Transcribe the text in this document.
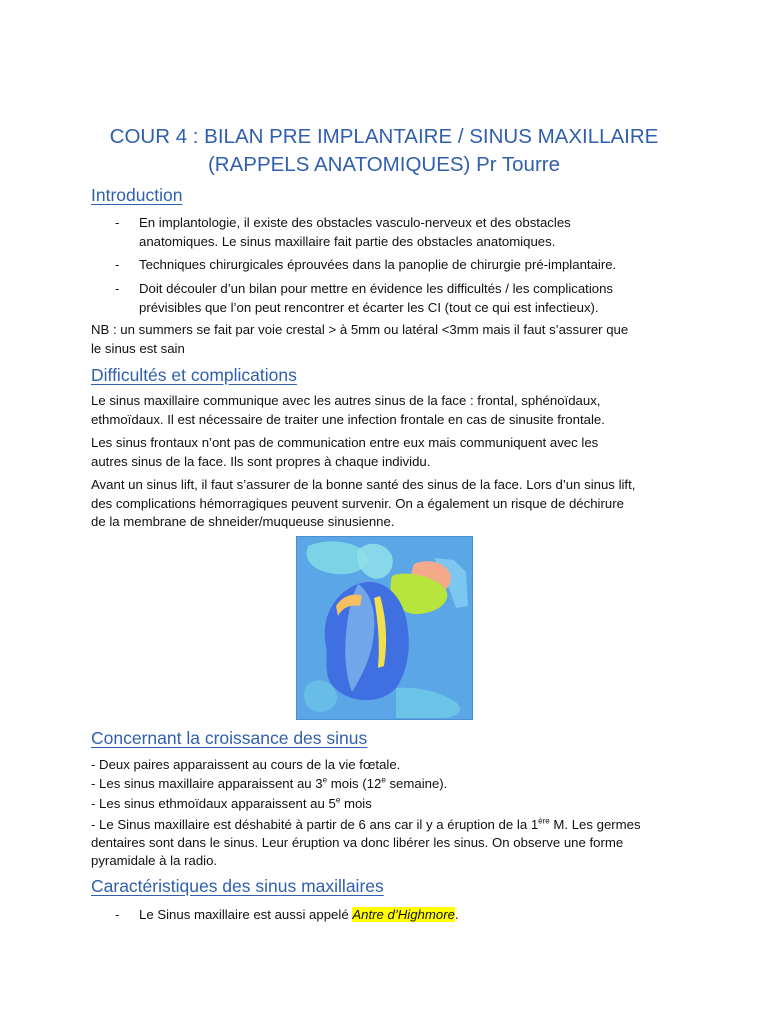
COUR 4 : BILAN PRE IMPLANTAIRE / SINUS MAXILLAIRE
(RAPPELS ANATOMIQUES) Pr Tourre
Introduction
- En implantologie, il existe des obstacles vasculo-nerveux et des obstacles
anatomiques. Le sinus maxillaire fait partie des obstacles anatomiques.

- Techniques chirurgicales éprouvées dans la panoplie de chirurgie pré-implantaire.

- Doit découler d’un bilan pour mettre en évidence les difficultés / les complications
prévisibles que l’on peut rencontrer et écarter les CI (tout ce qui est infectieux).

NB : un summers se fait par voie crestal > à 5mm ou latéral <3mm mais il faut s’assurer que
le sinus est sain

Difficultés et complications

Le sinus maxillaire communique avec les autres sinus de la face : frontal, sphénoïdaux,
ethmoïdaux. Il est nécessaire de traiter une infection frontale en cas de sinusite frontale.

Les sinus frontaux n’ont pas de communication entre eux mais communiquent avec les
autres sinus de la face. Ils sont propres à chaque individu.

Avant un sinus lift, il faut s’assurer de la bonne santé des sinus de la face. Lors d’un sinus lift,
des complications hémorragiques peuvent survenir. On a également un risque de déchirure
de la membrane de shneider/muqueuse sinusienne.

Concernant la croissance des sinus

- Deux paires apparaissent au cours de la vie fœtale.

- Les sinus maxillaire apparaissent au 3e mois (12e semaine).

- Les sinus ethmoïdaux apparaissent au 5e mois

- Le Sinus maxillaire est déshabité à partir de 6 ans car il y a éruption de la 1ère M. Les germes

dentaires sont dans le sinus. Leur éruption va donc libérer les sinus. On observe une forme

pyramidale à la radio.

Caractéristiques des sinus maxillaires
- Le Sinus maxillaire est aussi appelé Antre d’Highmore.
